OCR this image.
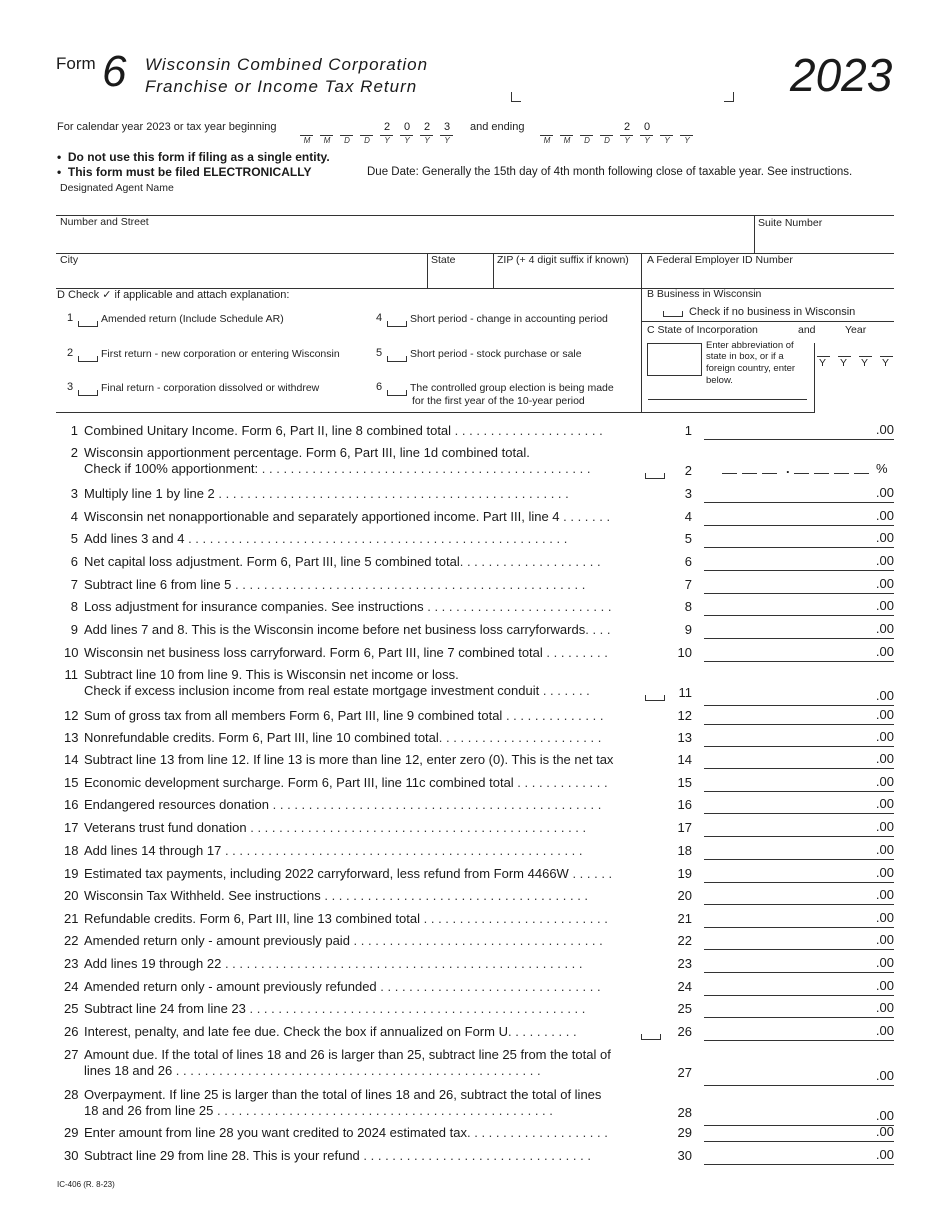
Form 6 Wisconsin Combined Corporation
Franchise or Income Tax Return	2023
For calendar year 2023 or tax year beginning	and ending
M	M	D	D
2
Y
0
Y
2
Y
3
Y	M	M	D	D
2
Y
0
Y	Y	Y
•  Do not use this form if filing as a single entity.
•  This form must be filed ELECTRONICALLY	Due Date: Generally the 15th day of 4th month following close of taxable year. See instructions.
Designated Agent Name
Number and Street	Suite Number
City	State	ZIP (+ 4 digit suffix if known) A Federal Employer ID Number
D Check ✓ if applicable and attach explanation:
1	Amended return (Include Schedule AR)
2	First return - new corporation or entering Wisconsin
3	Final return - corporation dissolved or withdrew
4	Short period - change in accounting period
5	Short period - stock purchase or sale
6	The controlled group election is being made
for the first year of the 10-year period
B Business in Wisconsin
Check if no business in Wisconsin
C State of Incorporation	and	Year
Enter abbreviation of
state in box, or if a
foreign country, enter
below.
Y Y Y Y
1 Combined Unitary Income. Form 6, Part II, line 8 combined total . . . . . . . . . . . . . . . . . . . . .	1	.00
2 Wisconsin apportionment percentage. Form 6, Part III, line 1d combined total.
Check if 100% apportionment: . . . . . . . . . . . . . . . . . . . . . . . . . . . . . . . . . . . . . . . . . . . . . .	2	.	%
3 Multiply line 1 by line 2 . . . . . . . . . . . . . . . . . . . . . . . . . . . . . . . . . . . . . . . . . . . . . . . . .	3	.00
4 Wisconsin net nonapportionable and separately apportioned income. Part III, line 4 . . . . . . .	4	.00
5 Add lines 3 and 4 . . . . . . . . . . . . . . . . . . . . . . . . . . . . . . . . . . . . . . . . . . . . . . . . . . . . .	5	.00
6 Net capital loss adjustment. Form 6, Part III, line 5 combined total. . . . . . . . . . . . . . . . . . . .	6	.00
7 Subtract line 6 from line 5 . . . . . . . . . . . . . . . . . . . . . . . . . . . . . . . . . . . . . . . . . . . . . . . . .	7	.00
8 Loss adjustment for insurance companies. See instructions . . . . . . . . . . . . . . . . . . . . . . . . . .	8	.00
9 Add lines 7 and 8. This is the Wisconsin income before net business loss carryforwards. . . .	9	.00
10 Wisconsin net business loss carryforward. Form 6, Part III, line 7 combined total . . . . . . . . .	10	.00
11 Subtract line 10 from line 9. This is Wisconsin net income or loss.
Check if excess inclusion income from real estate mortgage investment conduit . . . . . . .	11	.00
12 Sum of gross tax from all members Form 6, Part III, line 9 combined total . . . . . . . . . . . . . .	12	.00
13 Nonrefundable credits. Form 6, Part III, line 10 combined total. . . . . . . . . . . . . . . . . . . . . . .	13	.00
14 Subtract line 13 from line 12. If line 13 is more than line 12, enter zero (0). This is the net tax	14	.00
15 Economic development surcharge. Form 6, Part III, line 11c combined total . . . . . . . . . . . . .	15	.00
16 Endangered resources donation . . . . . . . . . . . . . . . . . . . . . . . . . . . . . . . . . . . . . . . . . . . . . .	16	.00
17 Veterans trust fund donation . . . . . . . . . . . . . . . . . . . . . . . . . . . . . . . . . . . . . . . . . . . . . . .	17	.00
18 Add lines 14 through 17 . . . . . . . . . . . . . . . . . . . . . . . . . . . . . . . . . . . . . . . . . . . . . . . . . .	18	.00
19 Estimated tax payments, including 2022 carryforward, less refund from Form 4466W . . . . . .	19	.00
20 Wisconsin Tax Withheld. See instructions . . . . . . . . . . . . . . . . . . . . . . . . . . . . . . . . . . . . .	20	.00
21 Refundable credits. Form 6, Part III, line 13 combined total . . . . . . . . . . . . . . . . . . . . . . . . . .	21	.00
22 Amended return only - amount previously paid . . . . . . . . . . . . . . . . . . . . . . . . . . . . . . . . . . .	22	.00
23 Add lines 19 through 22 . . . . . . . . . . . . . . . . . . . . . . . . . . . . . . . . . . . . . . . . . . . . . . . . . .	23	.00
24 Amended return only - amount previously refunded . . . . . . . . . . . . . . . . . . . . . . . . . . . . . . .	24	.00
25 Subtract line 24 from line 23 . . . . . . . . . . . . . . . . . . . . . . . . . . . . . . . . . . . . . . . . . . . . . . .	25	.00
26 Interest, penalty, and late fee due. Check the box if annualized on Form U. . . . . . . . . .	26	.00
27 Amount due. If the total of lines 18 and 26 is larger than 25, subtract line 25 from the total of
lines 18 and 26 . . . . . . . . . . . . . . . . . . . . . . . . . . . . . . . . . . . . . . . . . . . . . . . . . . .	27	.00
28 Overpayment. If line 25 is larger than the total of lines 18 and 26, subtract the total of lines
18 and 26 from line 25 . . . . . . . . . . . . . . . . . . . . . . . . . . . . . . . . . . . . . . . . . . . . . . .	28	.00
29 Enter amount from line 28 you want credited to 2024 estimated tax. . . . . . . . . . . . . . . . . . . .	29	.00
30 Subtract line 29 from line 28. This is your refund . . . . . . . . . . . . . . . . . . . . . . . . . . . . . . . .	30	.00
IC-406 (R. 8-23)
